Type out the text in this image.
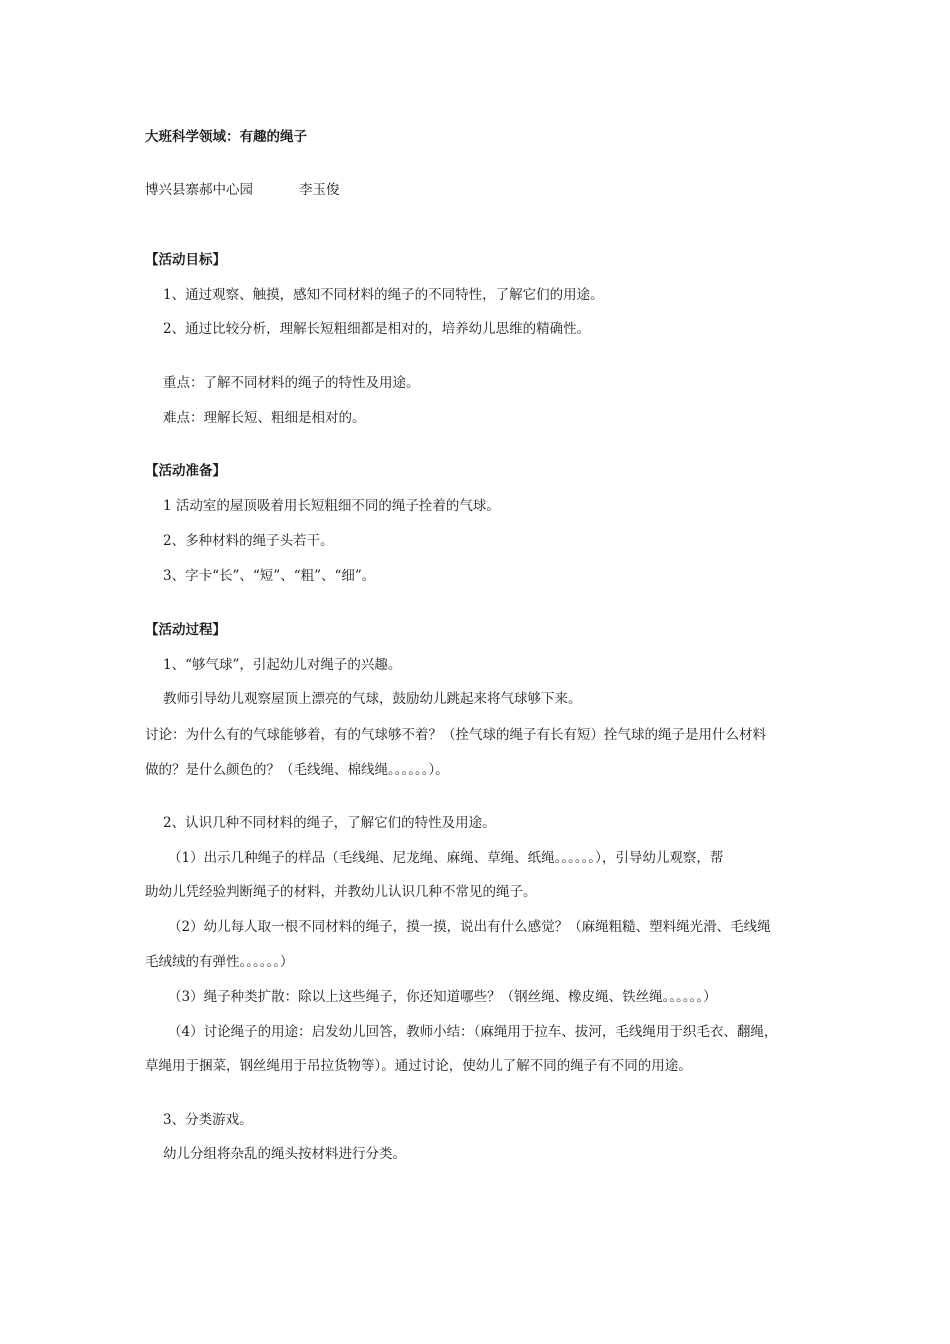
大班科学领域：有趣的绳子
博兴县寨郝中心园	李玉俊
【活动目标】
1、通过观察、触摸，感知不同材料的绳子的不同特性，了解它们的用途。
2、通过比较分析，理解长短粗细都是相对的，培养幼儿思维的精确性。
重点：了解不同材料的绳子的特性及用途。
难点：理解长短、粗细是相对的。
【活动准备】
1 活动室的屋顶吸着用长短粗细不同的绳子拴着的气球。
2、多种材料的绳子头若干。
3、字卡“长”、“短”、“粗”、“细”。
【活动过程】
1、“够气球”，引起幼儿对绳子的兴趣。
教师引导幼儿观察屋顶上漂亮的气球，鼓励幼儿跳起来将气球够下来。
讨论：为什么有的气球能够着，有的气球够不着？（拴气球的绳子有长有短）拴气球的绳子是用什么材料
做的？是什么颜色的？（毛线绳、棉线绳。。。。。。）。
2、认识几种不同材料的绳子，了解它们的特性及用途。
（1）出示几种绳子的样品（毛线绳、尼龙绳、麻绳、草绳、纸绳。。。。。。），引导幼儿观察，帮
助幼儿凭经验判断绳子的材料，并教幼儿认识几种不常见的绳子。
（2）幼儿每人取一根不同材料的绳子，摸一摸，说出有什么感觉？（麻绳粗糙、塑料绳光滑、毛线绳
毛绒绒的有弹性。。。。。。）
（3）绳子种类扩散：除以上这些绳子，你还知道哪些？（钢丝绳、橡皮绳、铁丝绳。。。。。。）
（4）讨论绳子的用途：启发幼儿回答，教师小结：（麻绳用于拉车、拔河，毛线绳用于织毛衣、翻绳，
草绳用于捆菜，钢丝绳用于吊拉货物等）。通过讨论，使幼儿了解不同的绳子有不同的用途。
3、分类游戏。
幼儿分组将杂乱的绳头按材料进行分类。
